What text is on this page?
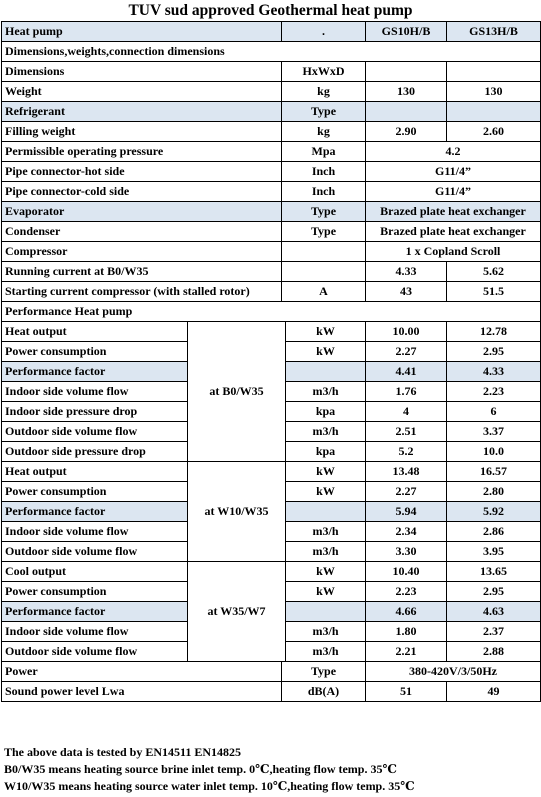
TUV sud approved Geothermal heat pump
Heat pump		.		GS10H/B	GS13H/B
Dimensions,weights,connection dimensions					
Dimensions		HxWxD			
Weight		kg		130	130
Refrigerant		Type			
Filling weight		kg		2.90	2.60
Permissible operating pressure		Mpa		4.2	
Pipe connector-hot side		Inch		G11/4”	
Pipe connector-cold side		Inch		G11/4”	
Evaporator		Type		Brazed plate heat exchanger	
Condenser		Type		Brazed plate heat exchanger	
Compressor				1 x Copland Scroll	
Running current at B0/W35				4.33	5.62
Starting current compressor (with stalled rotor)		A		43	51.5
Performance Heat pump					
Heat output	at B0/W35		kW	10.00	12.78
Power consumption			kW	2.27	2.95
Performance factor				4.41	4.33
Indoor side volume flow			m3/h	1.76	2.23
Indoor side pressure drop			kpa	4	6
Outdoor side volume flow			m3/h	2.51	3.37
Outdoor side pressure drop			kpa	5.2	10.0
Heat output	at W10/W35		kW	13.48	16.57
Power consumption			kW	2.27	2.80
Performance factor				5.94	5.92
Indoor side volume flow			m3/h	2.34	2.86
Outdoor side volume flow			m3/h	3.30	3.95
Cool output	at W35/W7		kW	10.40	13.65
Power consumption			kW	2.23	2.95
Performance factor				4.66	4.63
Indoor side volume flow			m3/h	1.80	2.37
Outdoor side volume flow			m3/h	2.21	2.88
Power		Type		380-420V/3/50Hz	
Sound power level Lwa		dB(A)		51	49
The above data is tested by EN14511 EN14825
B0/W35 means heating source brine inlet temp. 0℃,heating flow temp. 35℃
W10/W35 means heating source water inlet temp. 10℃,heating flow temp. 35℃
